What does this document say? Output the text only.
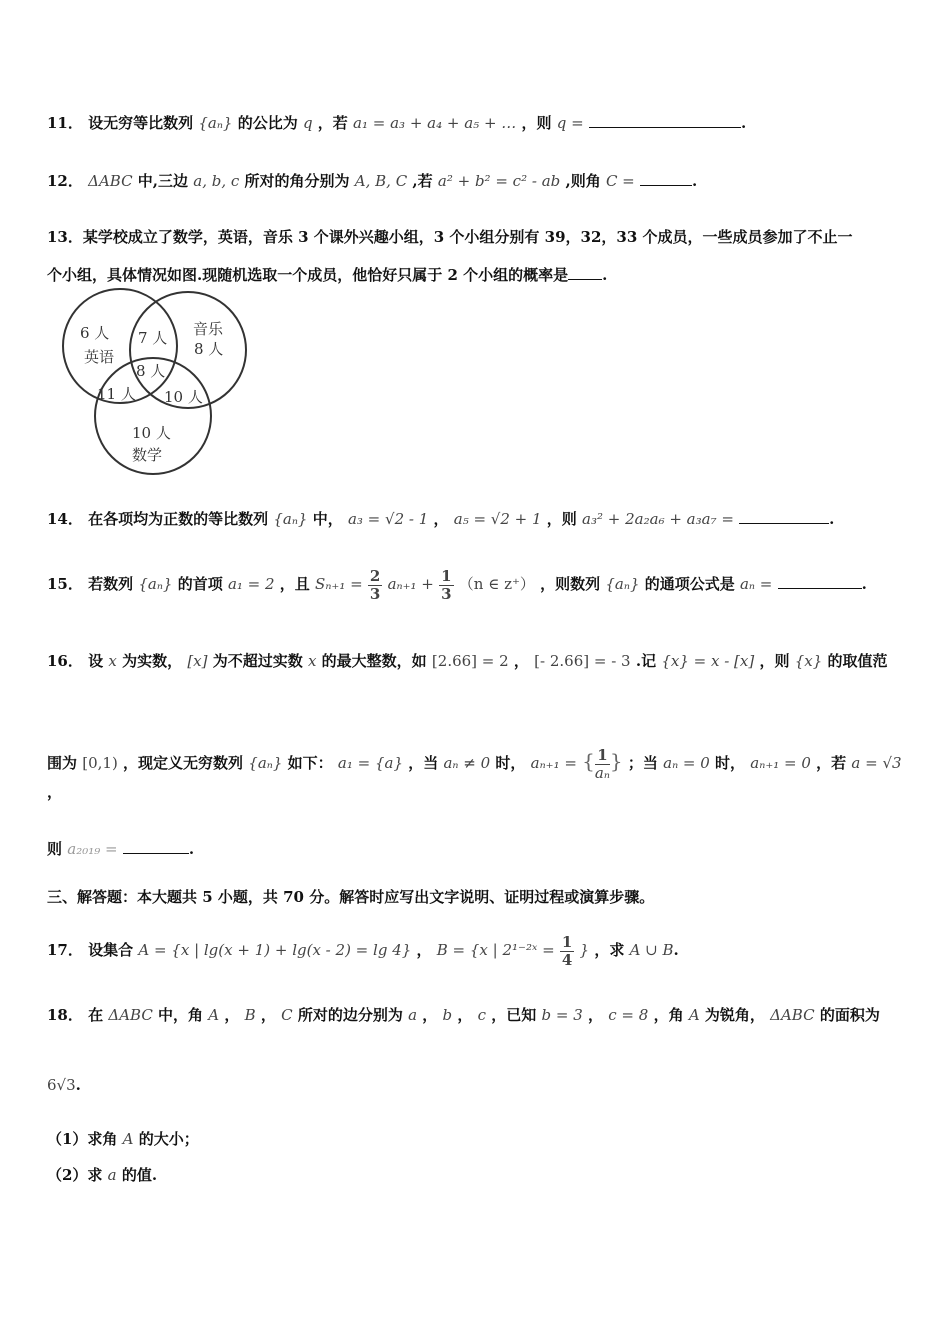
11． 设无穷等比数列 {aₙ} 的公比为 q ，若 a₁ = a₃ + a₄ + a₅ + … ，则 q =	.
12． ΔABC 中,三边 a, b, c 所对的角分别为 A, B, C ,若 a² + b² = c² - ab ,则角 C =	.
13．某学校成立了数学，英语，音乐 3 个课外兴趣小组，3 个小组分别有 39，32，33 个成员，一些成员参加了不止一
个小组，具体情况如图.现随机选取一个成员，他恰好只属于 2 个小组的概率是 .
6 人
英语
音乐
8 人
7 人
8 人
11 人 10 人
10 人
数学
14． 在各项均为正数的等比数列 {aₙ} 中， a₃ = √2 - 1 ， a₅ = √2 + 1 ，则 a₃² + 2a₂a₆ + a₃a₇ =	.
15． 若数列 {aₙ} 的首项 a₁ = 2 ，且 $S_{n+1} = \frac{2}{3} a_{n+1} + \frac{1}{3} (n$ ∈ z⁺） ，则数列 {aₙ} 的通项公式是 aₙ =	.
16． 设 x 为实数， [x] 为不超过实数 x 的最大整数，如 [2.66] = 2 ， [- 2.66] = - 3 .记 {x} = x - [x] ，则 {x} 的取值范
围为 [0,1) ，现定义无穷数列 {aₙ} 如下： a₁ = {a} ，当 aₙ ≠ 0 时， aₙ₊₁ = { $\frac{1}{\text{aₙ}}$ } ；当 aₙ = 0 时， aₙ₊₁ = 0 ，若 a = √3 ，
则 a₂₀₁₉ =	.
三、解答题：本大题共 5 小题，共 70 分。解答时应写出文字说明、证明过程或演算步骤。
17． 设集合 A = {x | lg(x + 1) + lg(x - 2) = lg 4} ， B = {x | 2¹⁻²ˣ = $\frac{1}{4}$ } ，求 A ∪ B.
18． 在 ΔABC 中，角 A ， B ， C 所对的边分别为 a ， b ， c ，已知 b = 3 ， c = 8 ，角 A 为锐角， ΔABC 的面积为
6√3.
（1）求角 A 的大小；
（2）求 a 的值.
